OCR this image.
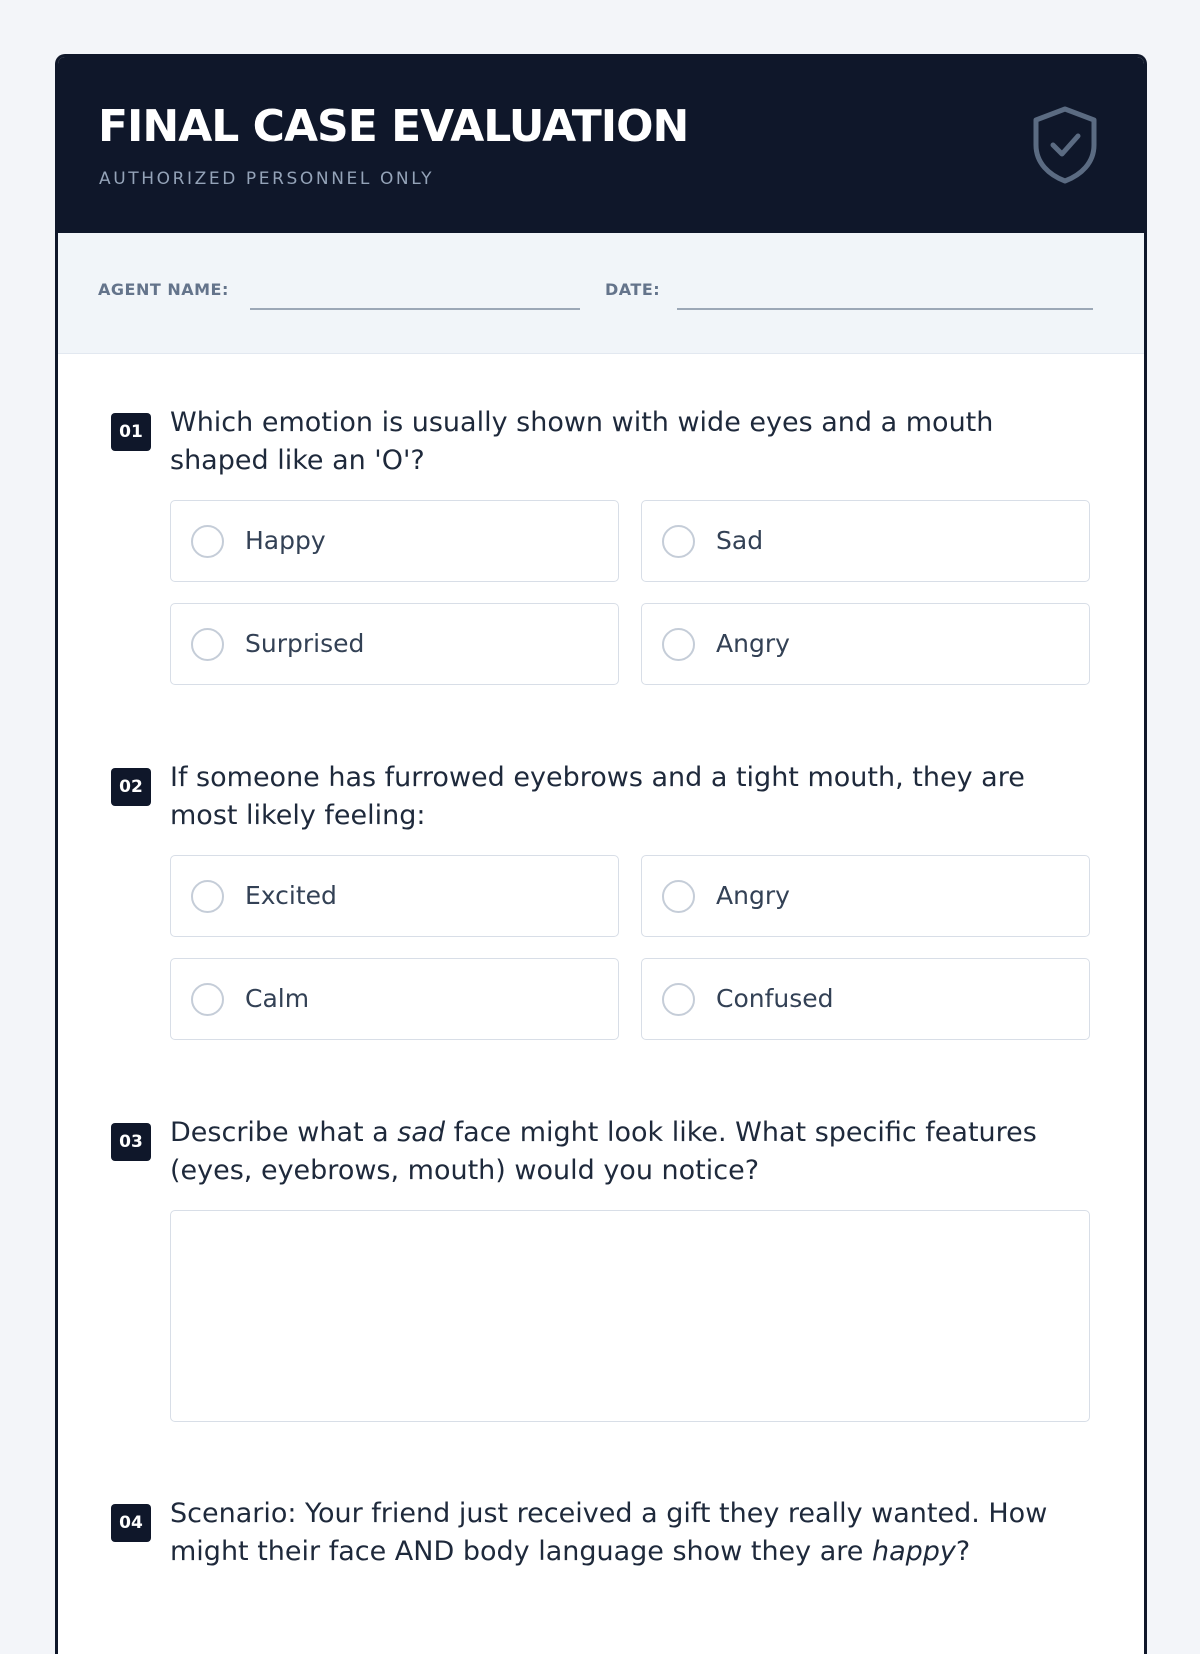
FINAL CASE EVALUATION
AUTHORIZED PERSONNEL ONLY
AGENT NAME:	DATE:
01	Which emotion is usually shown with wide eyes and a mouth shaped like an 'O'?
Happy	Sad
Surprised	Angry
02	If someone has furrowed eyebrows and a tight mouth, they are most likely feeling:
Excited	Angry
Calm	Confused
03	Describe what a sad face might look like. What specific features (eyes, eyebrows, mouth) would you notice?
04	Scenario: Your friend just received a gift they really wanted. How might their face AND body language show they are happy?
